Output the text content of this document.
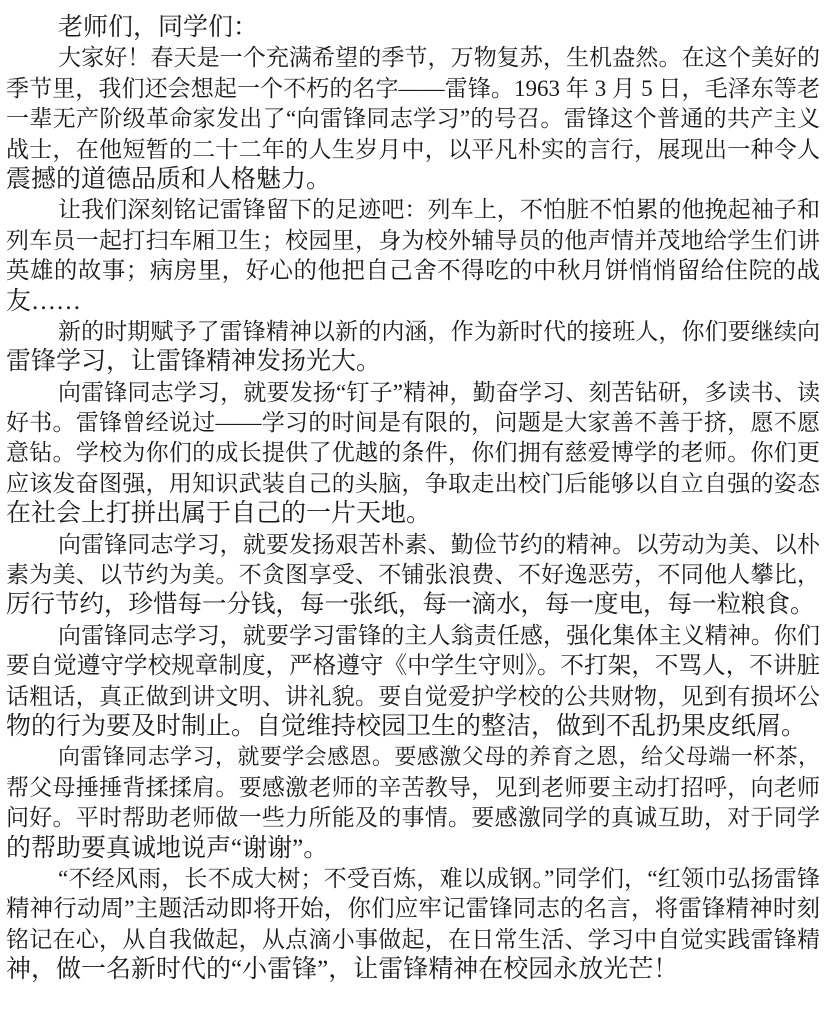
老师们，同学们：
大家好！春天是一个充满希望的季节，万物复苏，生机盎然。在这个美好的
季节里，我们还会想起一个不朽的名字——雷锋。1963 年 3 月 5 日，毛泽东等老
一辈无产阶级革命家发出了“向雷锋同志学习”的号召。雷锋这个普通的共产主义
战士，在他短暂的二十二年的人生岁月中，以平凡朴实的言行，展现出一种令人
震撼的道德品质和人格魅力。
让我们深刻铭记雷锋留下的足迹吧：列车上，不怕脏不怕累的他挽起袖子和
列车员一起打扫车厢卫生；校园里，身为校外辅导员的他声情并茂地给学生们讲
英雄的故事；病房里，好心的他把自己舍不得吃的中秋月饼悄悄留给住院的战
友……
新的时期赋予了雷锋精神以新的内涵，作为新时代的接班人，你们要继续向
雷锋学习，让雷锋精神发扬光大。
向雷锋同志学习，就要发扬“钉子”精神，勤奋学习、刻苦钻研，多读书、读
好书。雷锋曾经说过——学习的时间是有限的，问题是大家善不善于挤，愿不愿
意钻。学校为你们的成长提供了优越的条件，你们拥有慈爱博学的老师。你们更
应该发奋图强，用知识武装自己的头脑，争取走出校门后能够以自立自强的姿态
在社会上打拼出属于自己的一片天地。
向雷锋同志学习，就要发扬艰苦朴素、勤俭节约的精神。以劳动为美、以朴
素为美、以节约为美。不贪图享受、不铺张浪费、不好逸恶劳，不同他人攀比，
厉行节约，珍惜每一分钱，每一张纸，每一滴水，每一度电，每一粒粮食。
向雷锋同志学习，就要学习雷锋的主人翁责任感，强化集体主义精神。你们
要自觉遵守学校规章制度，严格遵守《中学生守则》。不打架，不骂人，不讲脏
话粗话，真正做到讲文明、讲礼貌。要自觉爱护学校的公共财物，见到有损坏公
物的行为要及时制止。自觉维持校园卫生的整洁，做到不乱扔果皮纸屑。
向雷锋同志学习，就要学会感恩。要感激父母的养育之恩，给父母端一杯茶，
帮父母捶捶背揉揉肩。要感激老师的辛苦教导，见到老师要主动打招呼，向老师
问好。平时帮助老师做一些力所能及的事情。要感激同学的真诚互助，对于同学
的帮助要真诚地说声“谢谢”。
“不经风雨，长不成大树；不受百炼，难以成钢。”同学们，“红领巾弘扬雷锋
精神行动周”主题活动即将开始，你们应牢记雷锋同志的名言，将雷锋精神时刻
铭记在心，从自我做起，从点滴小事做起，在日常生活、学习中自觉实践雷锋精
神，做一名新时代的“小雷锋”，让雷锋精神在校园永放光芒！
